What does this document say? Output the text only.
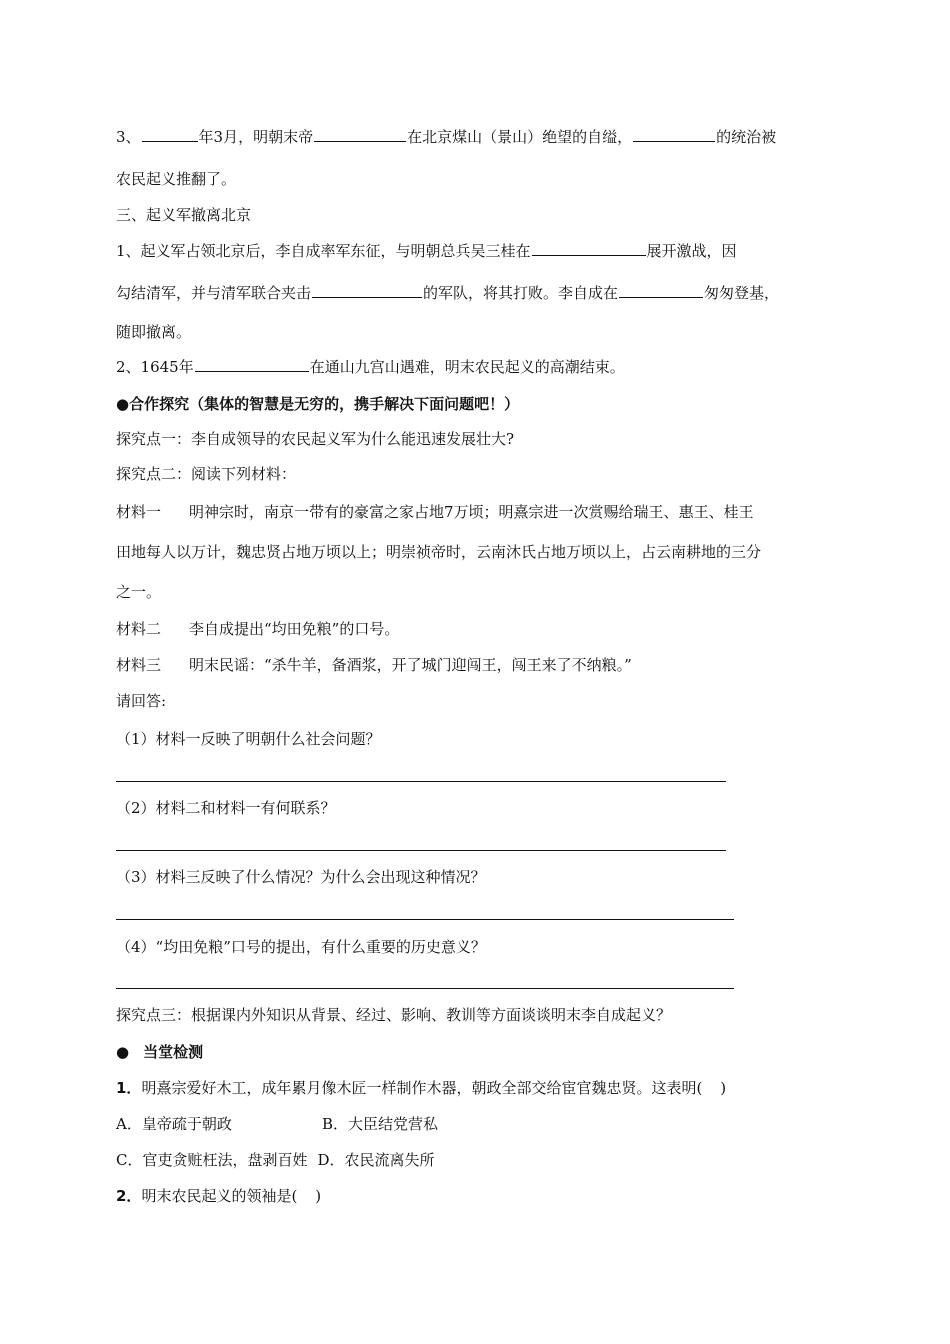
3、	年3月，明朝末帝	在北京煤山（景山）绝望的自缢，	的统治被
农民起义推翻了。
三、起义军撤离北京
1、起义军占领北京后，李自成率军东征，与明朝总兵吴三桂在	展开激战，因
勾结清军，并与清军联合夹击	的军队，将其打败。李自成在	匆匆登基，
随即撤离。
2、1645年	在通山九宫山遇难，明末农民起义的高潮结束。
●合作探究（集体的智慧是无穷的，携手解决下面问题吧！）
探究点一：李自成领导的农民起义军为什么能迅速发展壮大?
探究点二：阅读下列材料：
材料一 明神宗时，南京一带有的豪富之家占地7万顷；明熹宗进一次赏赐给瑞王、惠王、桂王
田地每人以万计，魏忠贤占地万顷以上；明崇祯帝时，云南沐氏占地万顷以上，占云南耕地的三分
之一。
材料二 李自成提出“均田免粮”的口号。
材料三 明末民谣：“杀牛羊，备酒浆，开了城门迎闯王，闯王来了不纳粮。”
请回答:
（1）材料一反映了明朝什么社会问题？
（2）材料二和材料一有何联系？
（3）材料三反映了什么情况？为什么会出现这种情况？
（4）“均田免粮”口号的提出，有什么重要的历史意义？
探究点三：根据课内外知识从背景、经过、影响、教训等方面谈谈明末李自成起义？
● 当堂检测
1．明熹宗爱好木工，成年累月像木匠一样制作木器，朝政全部交给宦官魏忠贤。这表明( )
A．皇帝疏于朝政	B．大臣结党营私
C．官吏贪赃枉法，盘剥百姓 D．农民流离失所
2．明末农民起义的领袖是( )
